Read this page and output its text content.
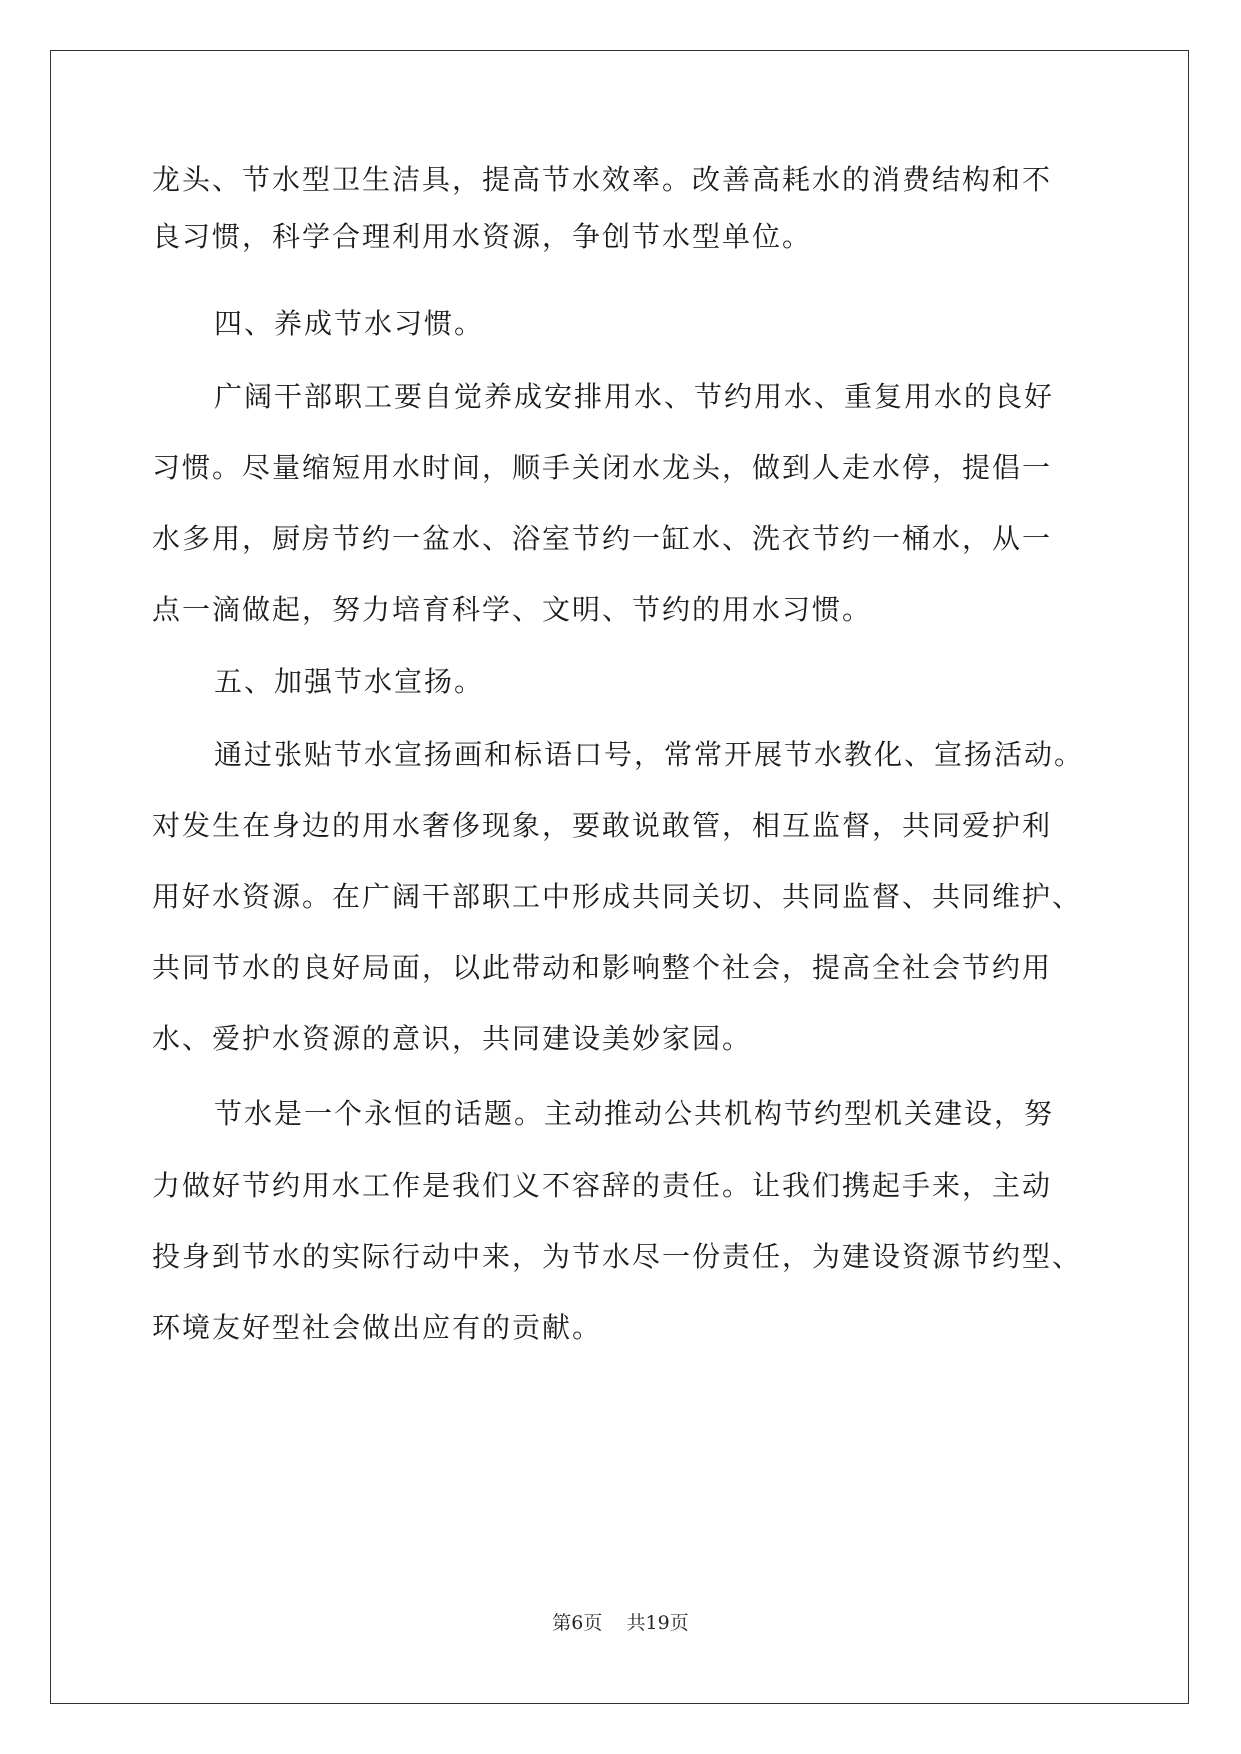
龙头、节水型卫生洁具，提高节水效率。改善高耗水的消费结构和不
良习惯，科学合理利用水资源，争创节水型单位。
四、养成节水习惯。
广阔干部职工要自觉养成安排用水、节约用水、重复用水的良好
习惯。尽量缩短用水时间，顺手关闭水龙头，做到人走水停，提倡一
水多用，厨房节约一盆水、浴室节约一缸水、洗衣节约一桶水，从一
点一滴做起，努力培育科学、文明、节约的用水习惯。
五、加强节水宣扬。
通过张贴节水宣扬画和标语口号，常常开展节水教化、宣扬活动。
对发生在身边的用水奢侈现象，要敢说敢管，相互监督，共同爱护利
用好水资源。在广阔干部职工中形成共同关切、共同监督、共同维护、
共同节水的良好局面，以此带动和影响整个社会，提高全社会节约用
水、爱护水资源的意识，共同建设美妙家园。
节水是一个永恒的话题。主动推动公共机构节约型机关建设，努
力做好节约用水工作是我们义不容辞的责任。让我们携起手来，主动
投身到节水的实际行动中来，为节水尽一份责任，为建设资源节约型、
环境友好型社会做出应有的贡献。
第6页 共19页
